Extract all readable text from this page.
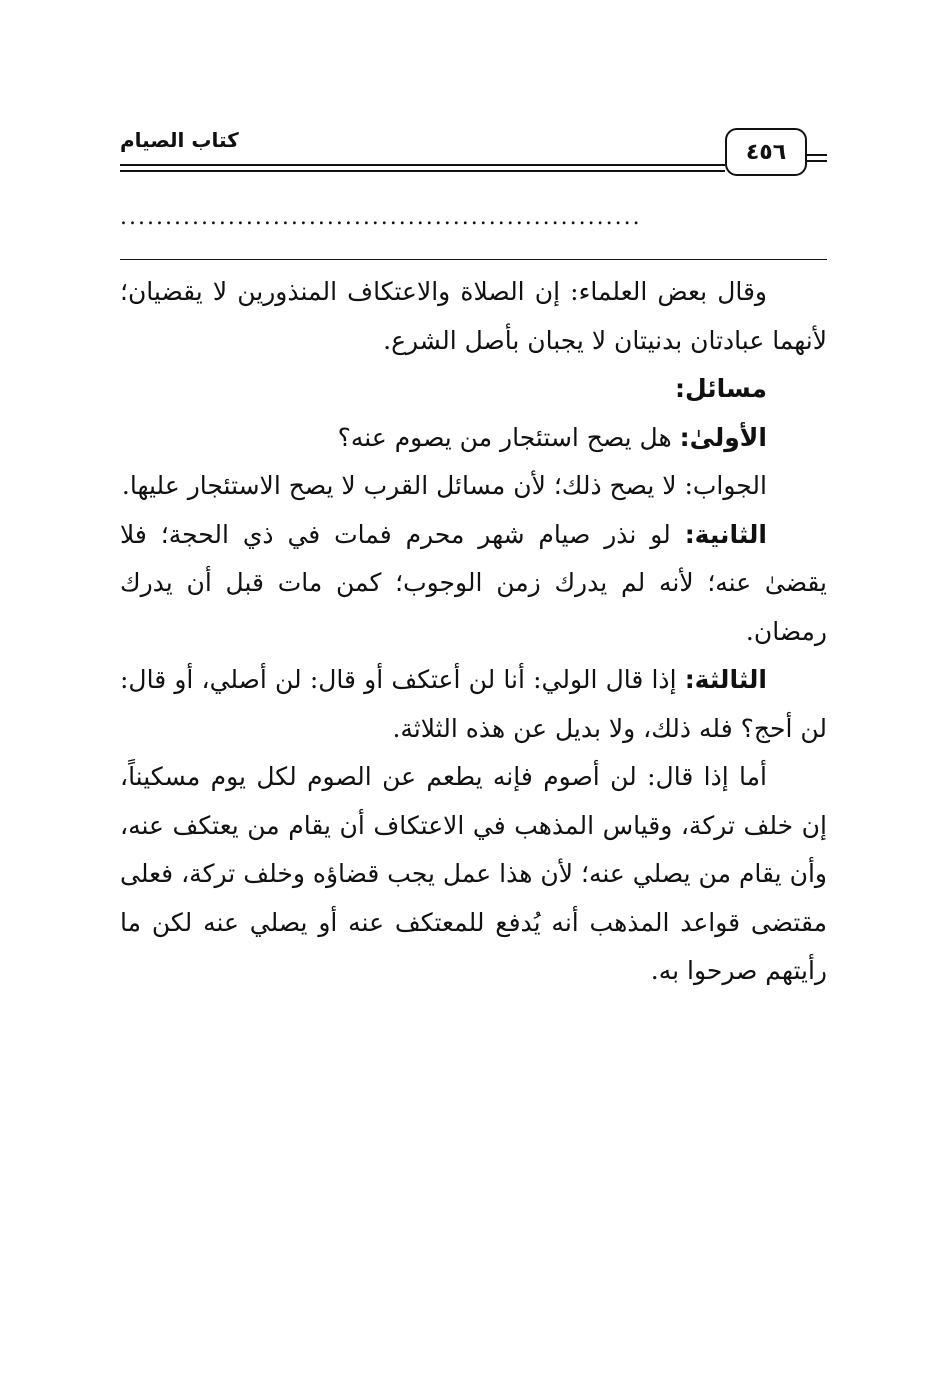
٤٥٦
كتاب الصيام
..........................................................

وقال بعض العلماء: إن الصلاة والاعتكاف المنذورين لا يقضيان؛ لأنهما عبادتان بدنيتان لا يجبان بأصل الشرع.

مسائل:

الأولىٰ: هل يصح استئجار من يصوم عنه؟

الجواب: لا يصح ذلك؛ لأن مسائل القرب لا يصح الاستئجار عليها.

الثانية: لو نذر صيام شهر محرم فمات في ذي الحجة؛ فلا يقضىٰ عنه؛ لأنه لم يدرك زمن الوجوب؛ كمن مات قبل أن يدرك رمضان.

الثالثة: إذا قال الولي: أنا لن أعتكف أو قال: لن أصلي، أو قال: لن أحج؟ فله ذلك، ولا بديل عن هذه الثلاثة.

أما إذا قال: لن أصوم فإنه يطعم عن الصوم لكل يوم مسكيناً، إن خلف تركة، وقياس المذهب في الاعتكاف أن يقام من يعتكف عنه، وأن يقام من يصلي عنه؛ لأن هذا عمل يجب قضاؤه وخلف تركة، فعلى مقتضى قواعد المذهب أنه يُدفع للمعتكف عنه أو يصلي عنه لكن ما رأيتهم صرحوا به.
